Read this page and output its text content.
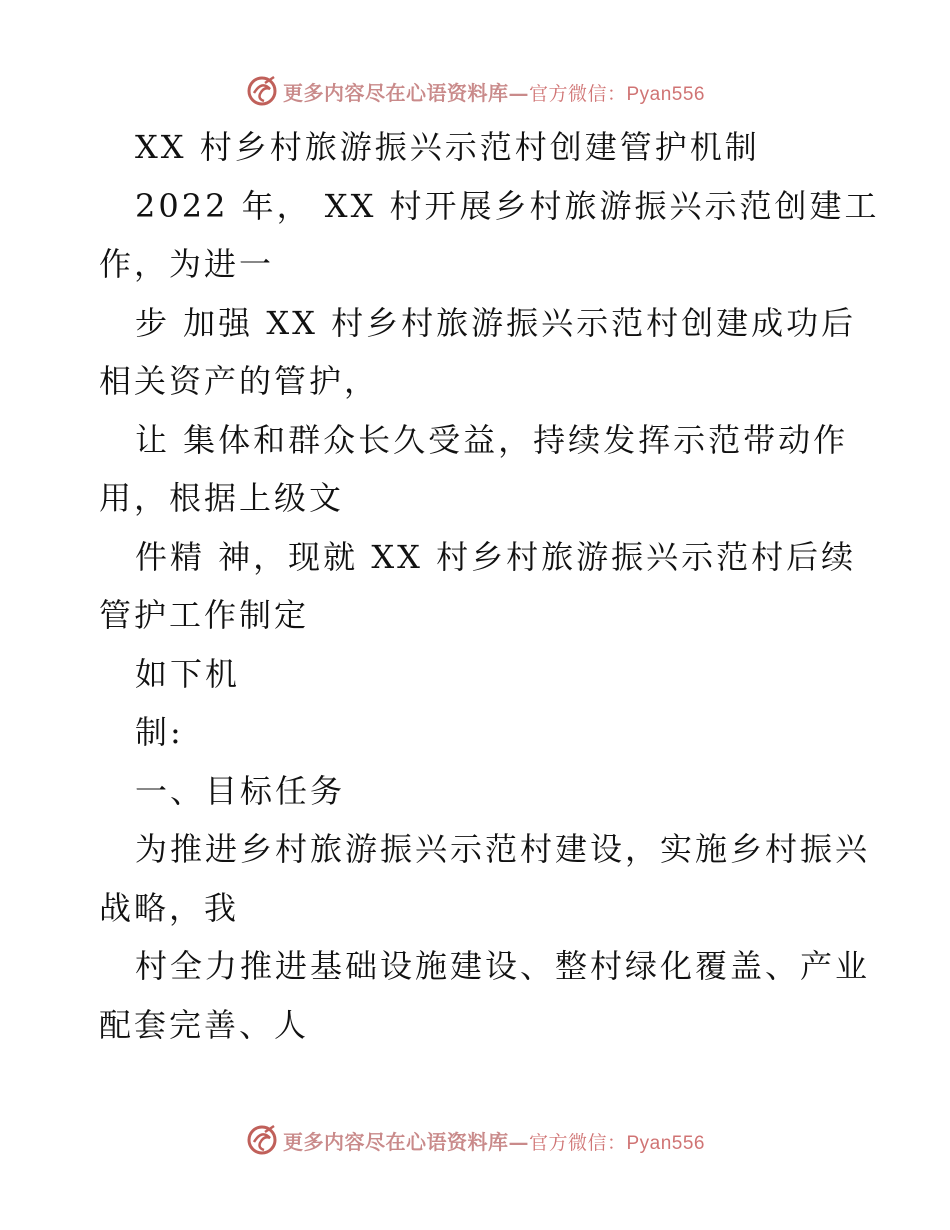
更多内容尽在心语资料库—官方微信：Pyan556
XX 村乡村旅游振兴示范村创建管护机制
2022 年， XX 村开展乡村旅游振兴示范创建工
作，为进一
步 加强 XX 村乡村旅游振兴示范村创建成功后
相关资产的管护，
让 集体和群众长久受益，持续发挥示范带动作
用，根据上级文
件精 神，现就 XX 村乡村旅游振兴示范村后续
管护工作制定
如下机
制:
一、目标任务
为推进乡村旅游振兴示范村建设，实施乡村振兴
战略，我
村全力推进基础设施建设、整村绿化覆盖、产业
配套完善、人
更多内容尽在心语资料库—官方微信：Pyan556
